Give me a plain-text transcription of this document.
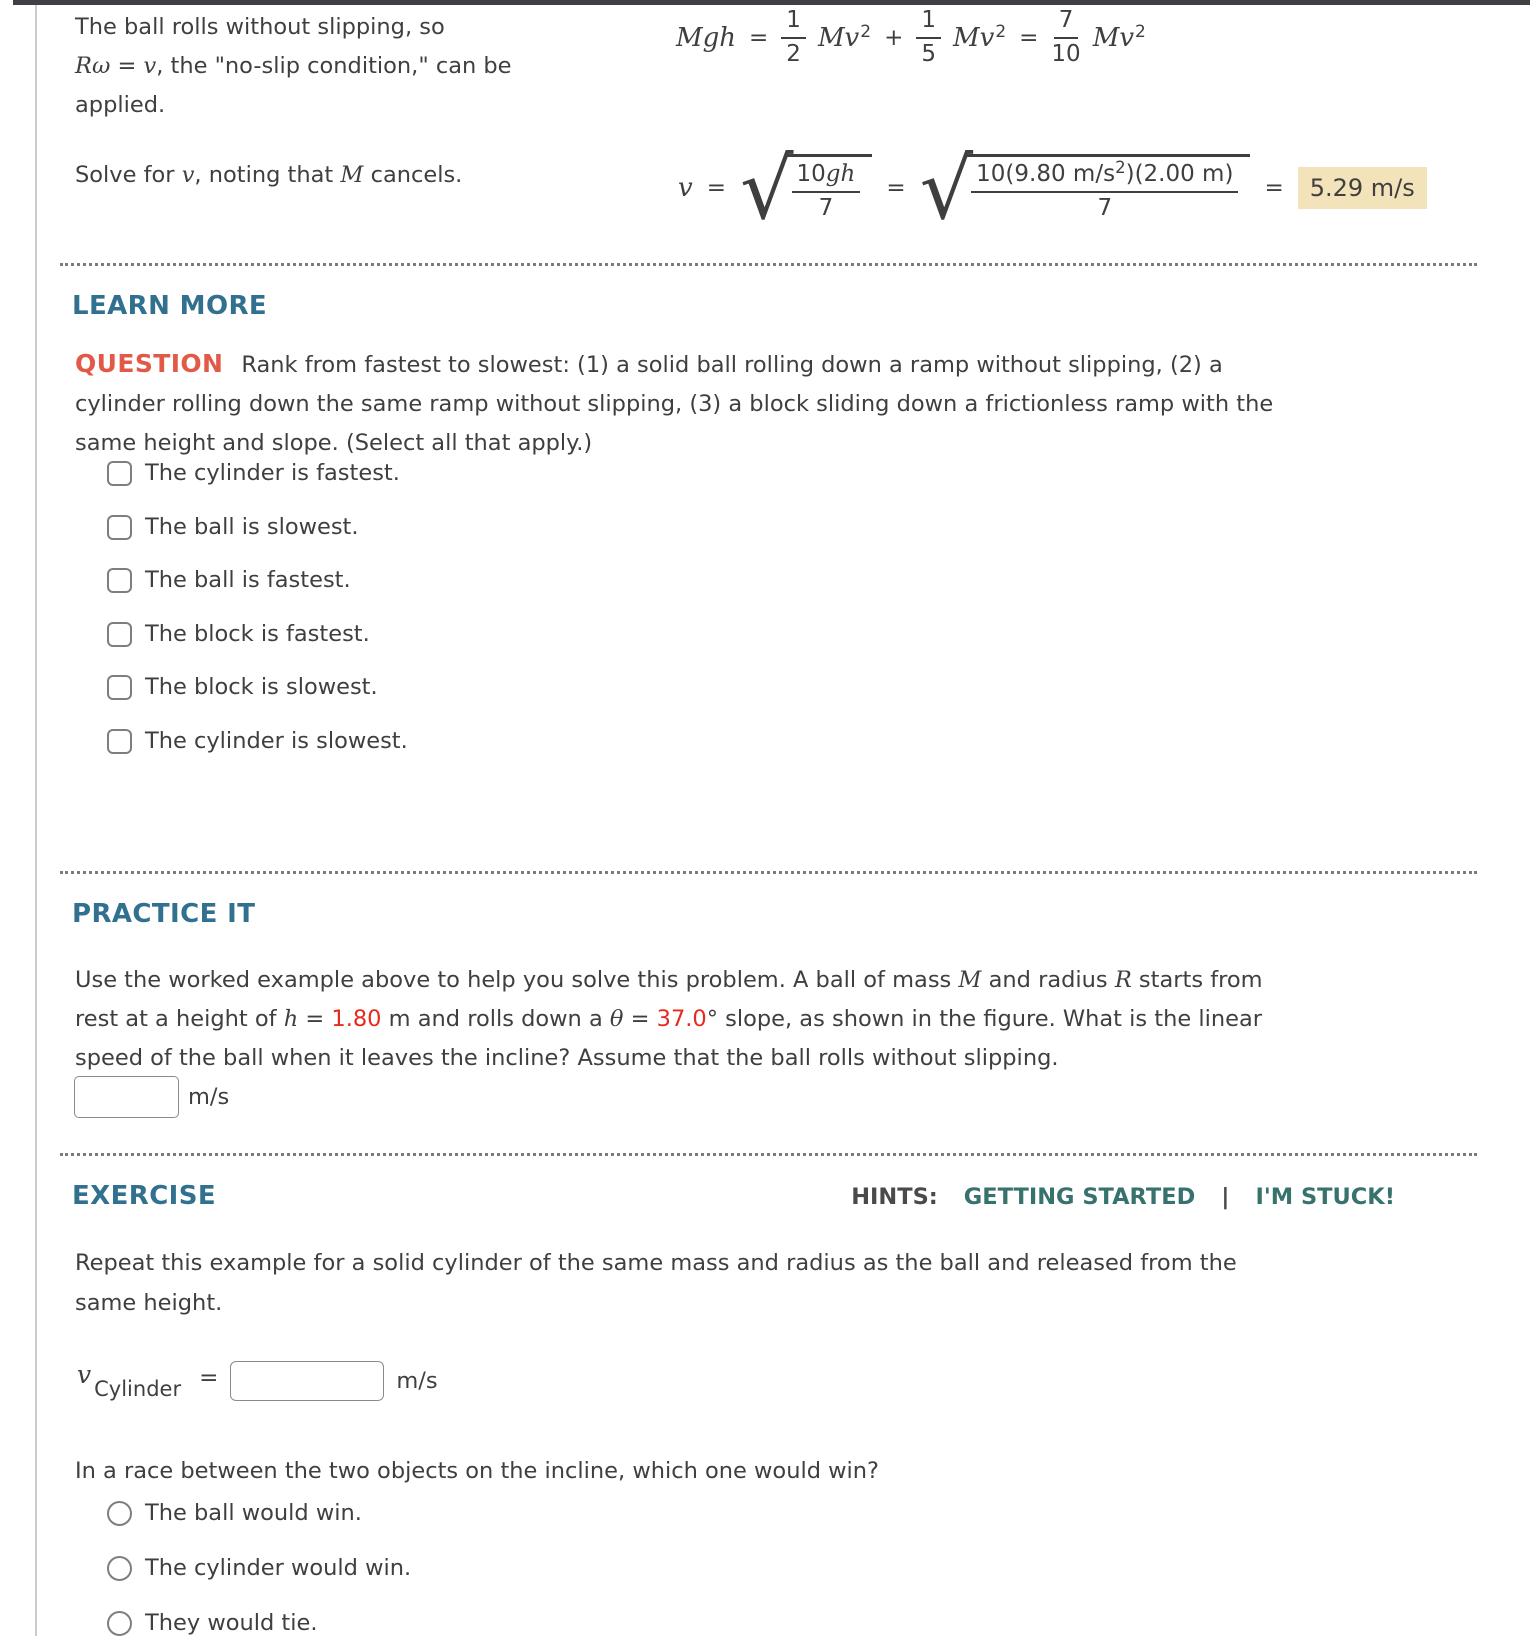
The ball rolls without slipping, so
Rω = v, the "no-slip condition," can be
applied.
Solve for v, noting that M cancels.
Mgh = $\frac{1}{2} Mv2 + \frac{1}{5} Mv2 = \frac{7}{10} Mv2$
v = √
$\frac{10gh}{7}$ = √
$\frac{10(9.80 m/s^2)(2.00 m)}{7}$ =	5.29 m/s
LEARN MORE
QUESTION Rank from fastest to slowest: (1) a solid ball rolling down a ramp without slipping, (2) a
cylinder rolling down the same ramp without slipping, (3) a block sliding down a frictionless ramp with the
same height and slope. (Select all that apply.)
The cylinder is fastest.
The ball is slowest.
The ball is fastest.
The block is fastest.
The block is slowest.
The cylinder is slowest.
PRACTICE IT
Use the worked example above to help you solve this problem. A ball of mass M and radius R starts from
rest at a height of h = 1.80 m and rolls down a θ = 37.0° slope, as shown in the figure. What is the linear
speed of the ball when it leaves the incline? Assume that the ball rolls without slipping.
m/s
EXERCISE	HINTS: GETTING STARTED | I'M STUCK!
Repeat this example for a solid cylinder of the same mass and radius as the ball and released from the
same height.
v
Cylinder =	m/s
In a race between the two objects on the incline, which one would win?
The ball would win.
The cylinder would win.
They would tie.
